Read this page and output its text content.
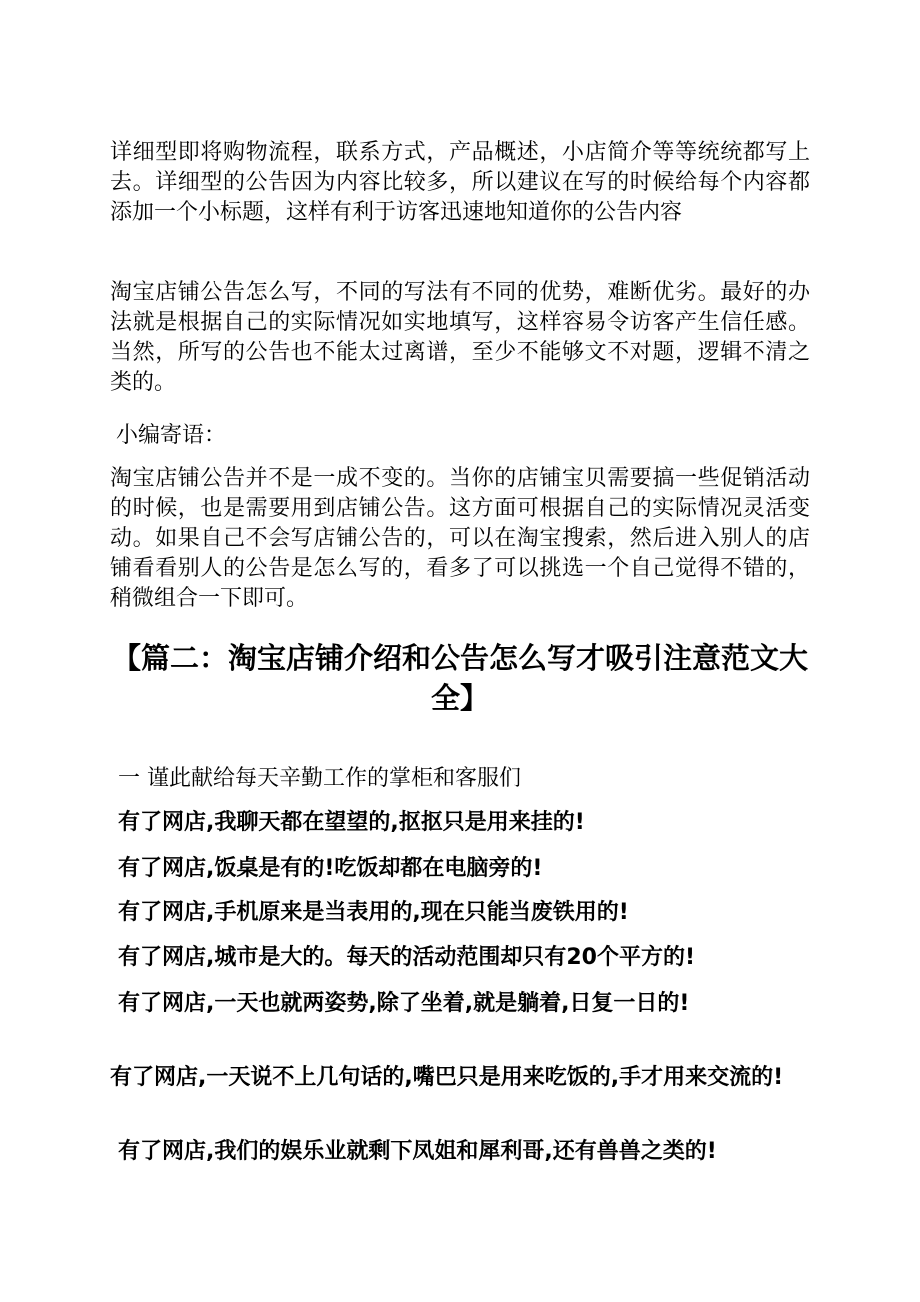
详细型即将购物流程，联系方式，产品概述，小店简介等等统统都写上去。详细型的公告因为内容比较多，所以建议在写的时候给每个内容都添加一个小标题，这样有利于访客迅速地知道你的公告内容

淘宝店铺公告怎么写，不同的写法有不同的优势，难断优劣。最好的办法就是根据自己的实际情况如实地填写，这样容易令访客产生信任感。当然，所写的公告也不能太过离谱，至少不能够文不对题，逻辑不清之类的。

小编寄语：

淘宝店铺公告并不是一成不变的。当你的店铺宝贝需要搞一些促销活动的时候，也是需要用到店铺公告。这方面可根据自己的实际情况灵活变动。如果自己不会写店铺公告的，可以在淘宝搜索，然后进入别人的店铺看看别人的公告是怎么写的，看多了可以挑选一个自己觉得不错的，稍微组合一下即可。

【篇二：淘宝店铺介绍和公告怎么写才吸引注意范文大全】

一 谨此献给每天辛勤工作的掌柜和客服们

有了网店,我聊天都在望望的,抠抠只是用来挂的!

有了网店,饭桌是有的!吃饭却都在电脑旁的!

有了网店,手机原来是当表用的,现在只能当废铁用的!

有了网店,城市是大的。每天的活动范围却只有20个平方的!

有了网店,一天也就两姿势,除了坐着,就是躺着,日复一日的!

有了网店,一天说不上几句话的,嘴巴只是用来吃饭的,手才用来交流的!

有了网店,我们的娱乐业就剩下凤姐和犀利哥,还有兽兽之类的!
